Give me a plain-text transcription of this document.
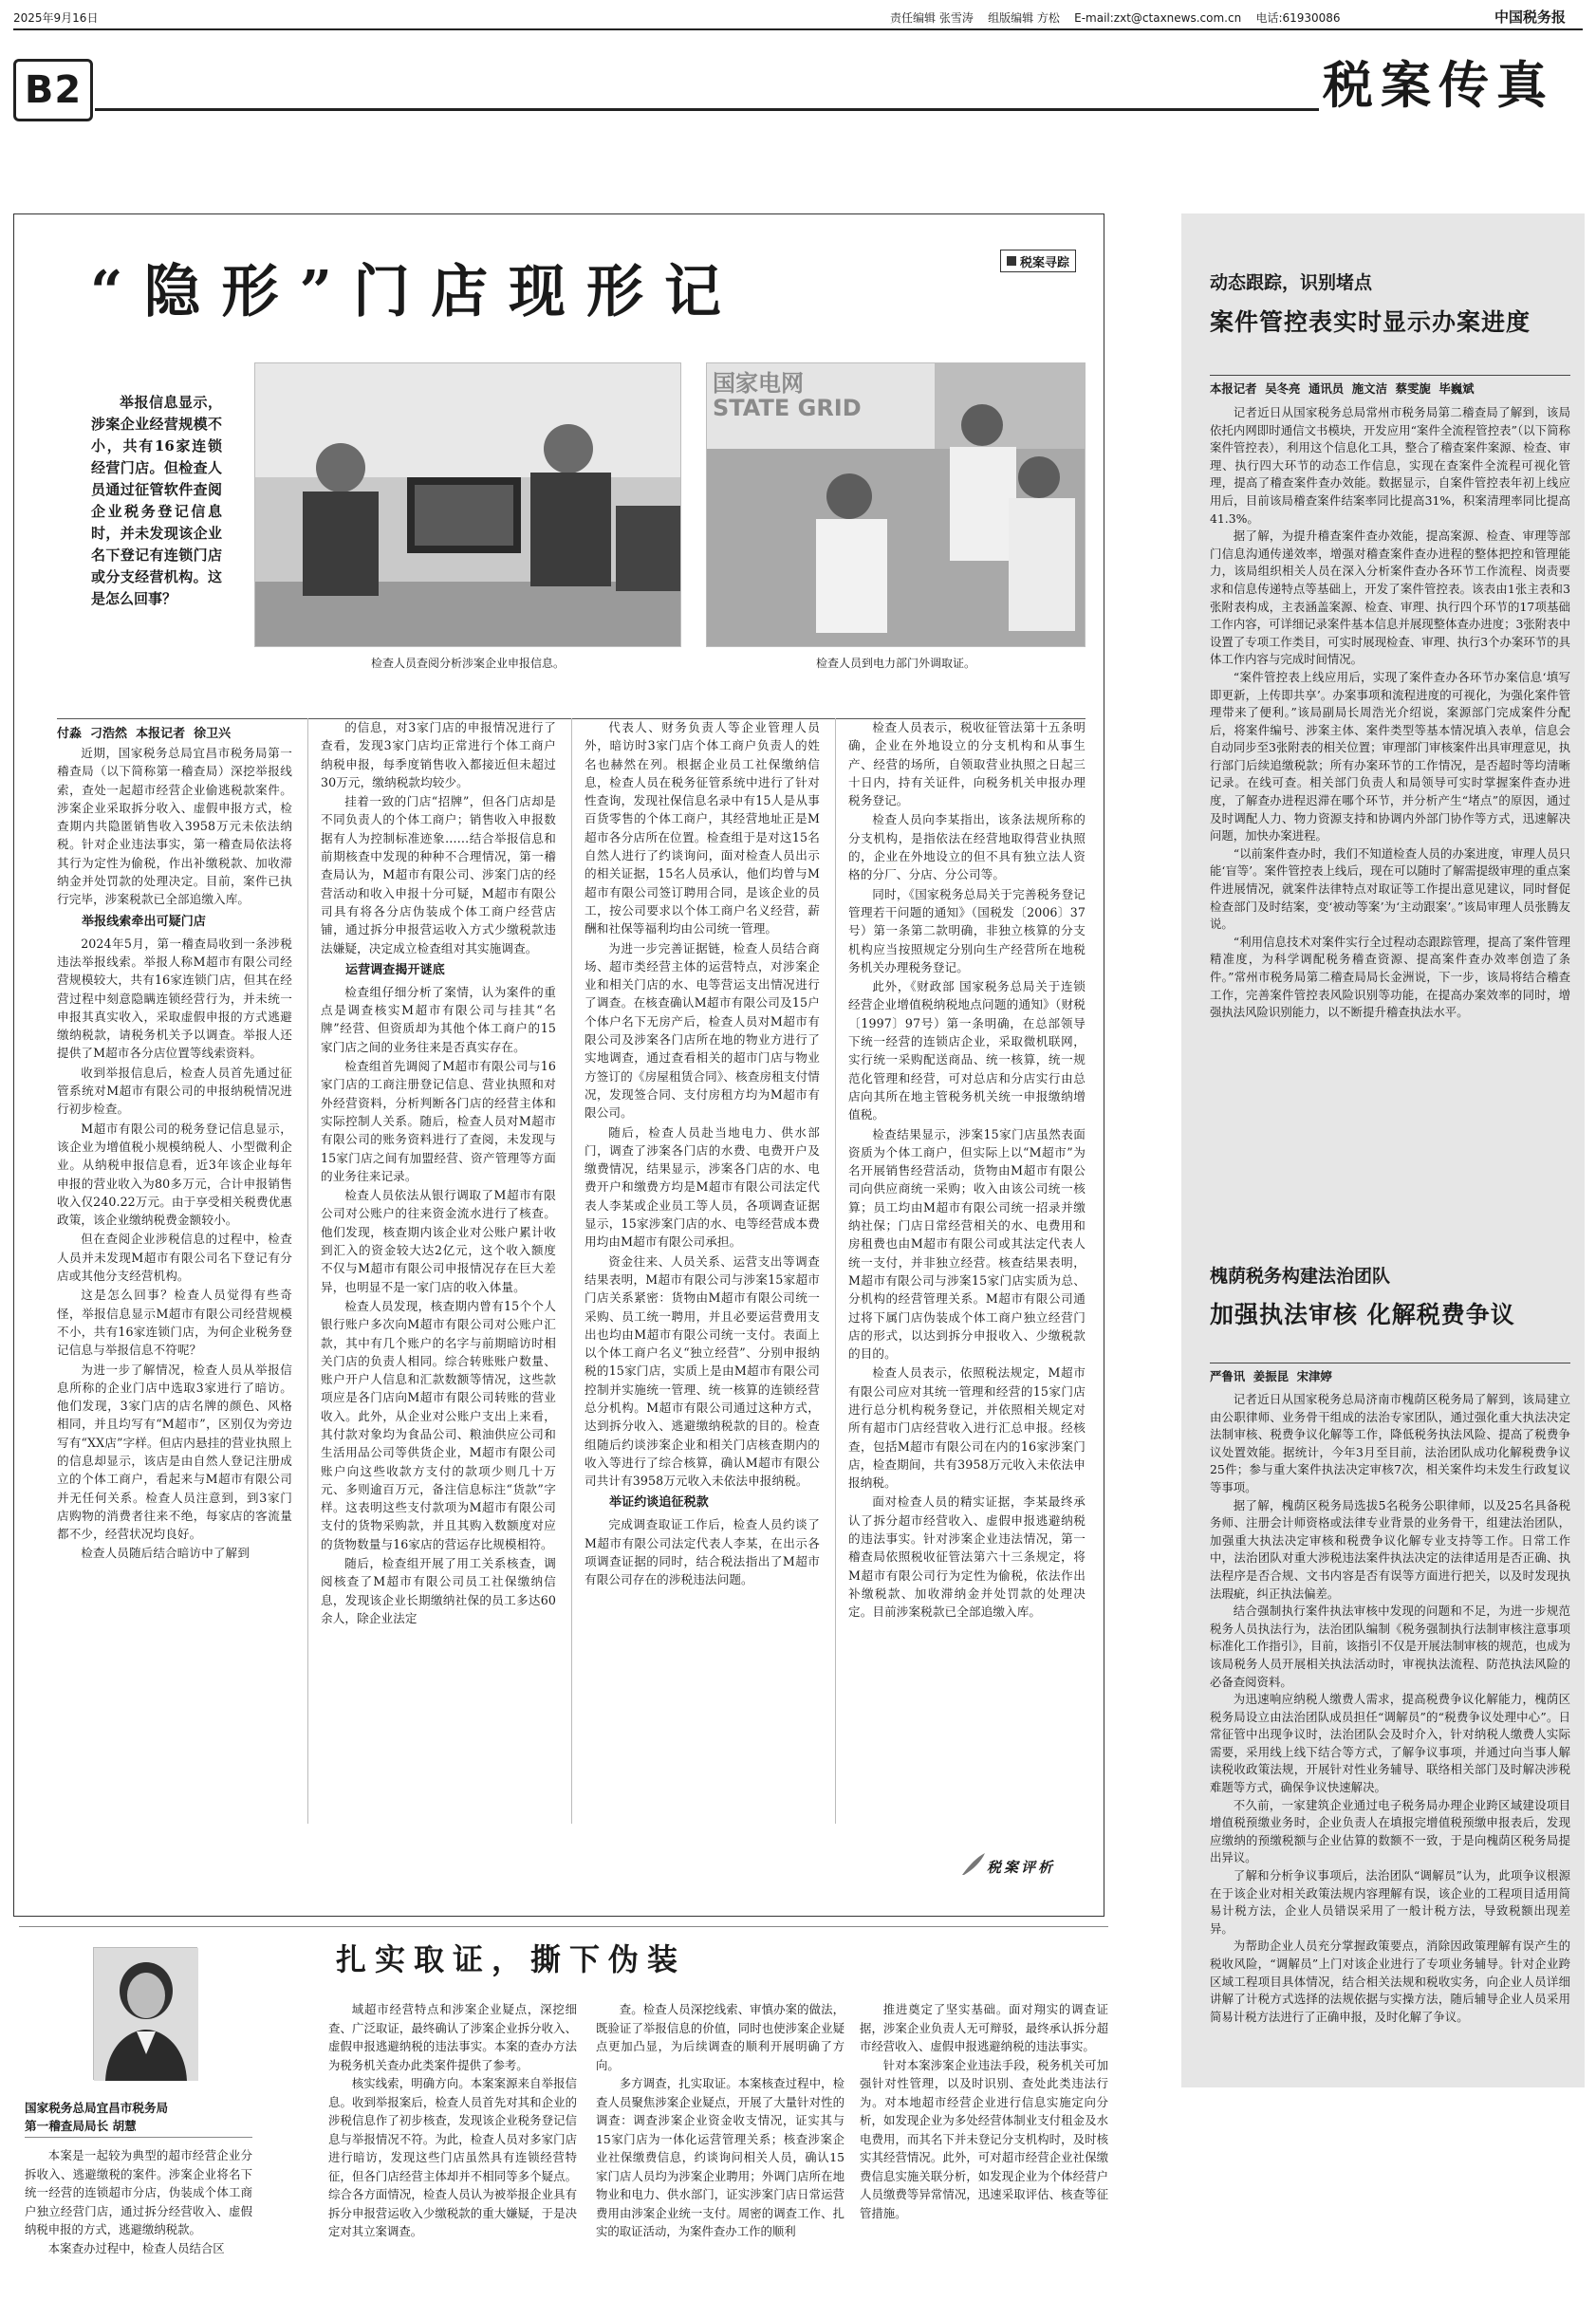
2025年9月16日	责任编辑 张雪涛    组版编辑 方松    E-mail:zxt@ctaxnews.com.cn    电话:61930086	中国税务报
B2	税案传真
“隐形”门店现形记	税案寻踪

举报信息显示，涉案企业经营规模不小，共有16家连锁经营门店。但检查人员通过征管软件查阅企业税务登记信息时，并未发现该企业名下登记有连锁门店或分支经营机构。这是怎么回事？

检查人员查阅分析涉案企业申报信息。
国家电网 STATE GRID
检查人员到电力部门外调取证。
付淼  刁浩然  本报记者  徐卫兴

近期，国家税务总局宜昌市税务局第一稽查局（以下简称第一稽查局）深挖举报线索，查处一起超市经营企业偷逃税款案件。涉案企业采取拆分收入、虚假申报方式，检查期内共隐匿销售收入3958万元未依法纳税。针对企业违法事实，第一稽查局依法将其行为定性为偷税，作出补缴税款、加收滞纳金并处罚款的处理决定。目前，案件已执行完毕，涉案税款已全部追缴入库。

举报线索牵出可疑门店

2024年5月，第一稽查局收到一条涉税违法举报线索。举报人称M超市有限公司经营规模较大，共有16家连锁门店，但其在经营过程中刻意隐瞒连锁经营行为，并未统一申报其真实收入，采取虚假申报的方式逃避缴纳税款，请税务机关予以调查。举报人还提供了M超市各分店位置等线索资料。

收到举报信息后，检查人员首先通过征管系统对M超市有限公司的申报纳税情况进行初步检查。

M超市有限公司的税务登记信息显示，该企业为增值税小规模纳税人、小型微利企业。从纳税申报信息看，近3年该企业每年申报的营业收入为80多万元，合计申报销售收入仅240.22万元。由于享受相关税费优惠政策，该企业缴纳税费金额较小。

但在查阅企业涉税信息的过程中，检查人员并未发现M超市有限公司名下登记有分店或其他分支经营机构。

这是怎么回事？检查人员觉得有些奇怪，举报信息显示M超市有限公司经营规模不小，共有16家连锁门店，为何企业税务登记信息与举报信息不符呢？

为进一步了解情况，检查人员从举报信息所称的企业门店中选取3家进行了暗访。他们发现，3家门店的店名牌的颜色、风格相同，并且均写有“M超市”，区别仅为旁边写有“XX店”字样。但店内悬挂的营业执照上的信息却显示，该店是由自然人登记注册成立的个体工商户，看起来与M超市有限公司并无任何关系。检查人员注意到，到3家门店购物的消费者往来不绝，每家店的客流量都不少，经营状况均良好。

检查人员随后结合暗访中了解到

的信息，对3家门店的申报情况进行了查看，发现3家门店均正常进行个体工商户纳税申报，每季度销售收入都接近但未超过30万元，缴纳税款均较少。

挂着一致的门店“招牌”，但各门店却是不同负责人的个体工商户；销售收入申报数据有人为控制标准迹象……结合举报信息和前期核查中发现的种种不合理情况，第一稽查局认为，M超市有限公司、涉案门店的经营活动和收入申报十分可疑，M超市有限公司具有将各分店伪装成个体工商户经营店铺，通过拆分申报营运收入方式少缴税款违法嫌疑，决定成立检查组对其实施调查。

运营调查揭开谜底

检查组仔细分析了案情，认为案件的重点是调查核实M超市有限公司与挂其“名牌”经营、但资质却为其他个体工商户的15家门店之间的业务往来是否真实存在。

检查组首先调阅了M超市有限公司与16家门店的工商注册登记信息、营业执照和对外经营资料，分析判断各门店的经营主体和实际控制人关系。随后，检查人员对M超市有限公司的账务资料进行了查阅，未发现与15家门店之间有加盟经营、资产管理等方面的业务往来记录。

检查人员依法从银行调取了M超市有限公司对公账户的往来资金流水进行了核查。他们发现，核查期内该企业对公账户累计收到汇入的资金较大达2亿元，这个收入额度不仅与M超市有限公司申报情况存在巨大差异，也明显不是一家门店的收入体量。

检查人员发现，核查期内曾有15个个人银行账户多次向M超市有限公司对公账户汇款，其中有几个账户的名字与前期暗访时相关门店的负责人相同。综合转账账户数量、账户开户人信息和汇款数额等情况，这些款项应是各门店向M超市有限公司转账的营业收入。此外，从企业对公账户支出上来看，其付款对象均为食品公司、粮油供应公司和生活用品公司等供货企业，M超市有限公司账户向这些收款方支付的款项少则几十万元、多则逾百万元，备注信息标注“货款”字样。这表明这些支付款项为M超市有限公司支付的货物采购款，并且其购入数额度对应的货物数量与16家店的营运存比规模相符。

随后，检查组开展了用工关系核查，调阅核查了M超市有限公司员工社保缴纳信息，发现该企业长期缴纳社保的员工多达60余人，除企业法定

代表人、财务负责人等企业管理人员外，暗访时3家门店个体工商户负责人的姓名也赫然在列。根据企业员工社保缴纳信息，检查人员在税务征管系统中进行了针对性查询，发现社保信息名录中有15人是从事百货零售的个体工商户，其经营地址正是M超市各分店所在位置。检查组于是对这15名自然人进行了约谈询问，面对检查人员出示的相关证据，15名人员承认，他们均曾与M超市有限公司签订聘用合同，是该企业的员工，按公司要求以个体工商户名义经营，薪酬和社保等福利均由公司统一管理。

为进一步完善证据链，检查人员结合商场、超市类经营主体的运营特点，对涉案企业和相关门店的水、电等营运支出情况进行了调查。在核查确认M超市有限公司及15户个体户名下无房产后，检查人员对M超市有限公司及涉案各门店所在地的物业方进行了实地调查，通过查看相关的超市门店与物业方签订的《房屋租赁合同》、核查房租支付情况，发现签合同、支付房租方均为M超市有限公司。

随后，检查人员赴当地电力、供水部门，调查了涉案各门店的水费、电费开户及缴费情况，结果显示，涉案各门店的水、电费开户和缴费方均是M超市有限公司法定代表人李某或企业员工等人员，各项调查证据显示，15家涉案门店的水、电等经营成本费用均由M超市有限公司承担。

资金往来、人员关系、运营支出等调查结果表明，M超市有限公司与涉案15家超市门店关系紧密：货物由M超市有限公司统一采购、员工统一聘用，并且必要运营费用支出也均由M超市有限公司统一支付。表面上以个体工商户名义“独立经营”、分别申报纳税的15家门店，实质上是由M超市有限公司控制并实施统一管理、统一核算的连锁经营总分机构。M超市有限公司通过这种方式，达到拆分收入、逃避缴纳税款的目的。检查组随后约谈涉案企业和相关门店核查期内的收入等进行了综合核算，确认M超市有限公司共计有3958万元收入未依法申报纳税。

举证约谈追征税款

完成调查取证工作后，检查人员约谈了M超市有限公司法定代表人李某，在出示各项调查证据的同时，结合税法指出了M超市有限公司存在的涉税违法问题。

检查人员表示，税收征管法第十五条明确，企业在外地设立的分支机构和从事生产、经营的场所，自领取营业执照之日起三十日内，持有关证件，向税务机关申报办理税务登记。

检查人员向李某指出，该条法规所称的分支机构，是指依法在经营地取得营业执照的，企业在外地设立的但不具有独立法人资格的分厂、分店、分公司等。

同时，《国家税务总局关于完善税务登记管理若干问题的通知》（国税发〔2006〕37号）第一条第二款明确，非独立核算的分支机构应当按照规定分别向生产经营所在地税务机关办理税务登记。

此外，《财政部 国家税务总局关于连锁经营企业增值税纳税地点问题的通知》（财税〔1997〕97号）第一条明确，在总部领导下统一经营的连锁店企业，采取微机联网，实行统一采购配送商品、统一核算，统一规范化管理和经营，可对总店和分店实行由总店向其所在地主管税务机关统一申报缴纳增值税。

检查结果显示，涉案15家门店虽然表面资质为个体工商户，但实际上以“M超市”为名开展销售经营活动，货物由M超市有限公司向供应商统一采购；收入由该公司统一核算；员工均由M超市有限公司统一招录并缴纳社保；门店日常经营相关的水、电费用和房租费也由M超市有限公司或其法定代表人统一支付，并非独立经营。核查结果表明，M超市有限公司与涉案15家门店实质为总、分机构的经营管理关系。M超市有限公司通过将下属门店伪装成个体工商户独立经营门店的形式，以达到拆分申报收入、少缴税款的目的。

检查人员表示，依照税法规定，M超市有限公司应对其统一管理和经营的15家门店进行总分机构税务登记，并依照相关规定对所有超市门店经营收入进行汇总申报。经核查，包括M超市有限公司在内的16家涉案门店，检查期间，共有3958万元收入未依法申报纳税。

面对检查人员的精实证据，李某最终承认了拆分超市经营收入、虚假申报逃避纳税的违法事实。针对涉案企业违法情况，第一稽查局依照税收征管法第六十三条规定，将M超市有限公司行为定性为偷税，依法作出补缴税款、加收滞纳金并处罚款的处理决定。目前涉案税款已全部追缴入库。

税案评析
扎实取证，撕下伪装
国家税务总局宜昌市税务局
第一稽查局局长 胡慧

本案是一起较为典型的超市经营企业分拆收入、逃避缴税的案件。涉案企业将名下统一经营的连锁超市分店，伪装成个体工商户独立经营门店，通过拆分经营收入、虚假纳税申报的方式，逃避缴纳税款。

本案查办过程中，检查人员结合区

域超市经营特点和涉案企业疑点，深挖细查、广泛取证，最终确认了涉案企业拆分收入、虚假申报逃避纳税的违法事实。本案的查办方法为税务机关查办此类案件提供了参考。

核实线索，明确方向。本案案源来自举报信息。收到举报案后，检查人员首先对其和企业的涉税信息作了初步核查，发现该企业税务登记信息与举报情况不符。为此，检查人员对多家门店进行暗访，发现这些门店虽然具有连锁经营特征，但各门店经营主体却并不相同等多个疑点。综合各方面情况，检查人员认为被举报企业具有拆分申报营运收入少缴税款的重大嫌疑，于是决定对其立案调查。

查。检查人员深挖线索、审慎办案的做法，既验证了举报信息的价值，同时也使涉案企业疑点更加凸显，为后续调查的顺利开展明确了方向。

多方调查，扎实取证。本案核查过程中，检查人员聚焦涉案企业疑点，开展了大量针对性的调查：调查涉案企业资金收支情况，证实其与15家门店为一体化运营管理关系；核查涉案企业社保缴费信息，约谈询问相关人员，确认15家门店人员均为涉案企业聘用；外调门店所在地物业和电力、供水部门，证实涉案门店日常运营费用由涉案企业统一支付。周密的调查工作、扎实的取证活动，为案件查办工作的顺利

推进奠定了坚实基础。面对翔实的调查证据，涉案企业负责人无可辩驳，最终承认拆分超市经营收入、虚假申报逃避纳税的违法事实。

针对本案涉案企业违法手段，税务机关可加强针对性管理，以及时识别、查处此类违法行为。对本地超市经营企业进行信息实施定向分析，如发现企业为多处经营体制业支付租金及水电费用，而其名下并未登记分支机构时，及时核实其经营情况。此外，可对超市经营企业社保缴费信息实施关联分析，如发现企业为个体经营户人员缴费等异常情况，迅速采取评估、核查等征管措施。

动态跟踪，识别堵点
案件管控表实时显示办案进度
本报记者  吴冬亮  通讯员  施文洁  蔡雯旎  毕巍斌

记者近日从国家税务总局常州市税务局第二稽查局了解到，该局依托内网即时通信文书模块，开发应用“案件全流程管控表”（以下简称案件管控表），利用这个信息化工具，整合了稽查案件案源、检查、审理、执行四大环节的动态工作信息，实现在查案件全流程可视化管理，提高了稽查案件查办效能。数据显示，自案件管控表年初上线应用后，目前该局稽查案件结案率同比提高31%，积案清理率同比提高41.3%。

据了解，为提升稽查案件查办效能，提高案源、检查、审理等部门信息沟通传递效率，增强对稽查案件查办进程的整体把控和管理能力，该局组织相关人员在深入分析案件查办各环节工作流程、岗责要求和信息传递特点等基础上，开发了案件管控表。该表由1张主表和3张附表构成，主表涵盖案源、检查、审理、执行四个环节的17项基础工作内容，可详细记录案件基本信息并展现整体查办进度；3张附表中设置了专项工作类目，可实时展现检查、审理、执行3个办案环节的具体工作内容与完成时间情况。

“案件管控表上线应用后，实现了案件查办各环节办案信息‘填写即更新，上传即共享’。办案事项和流程进度的可视化，为强化案件管理带来了便利。”该局副局长周浩光介绍说，案源部门完成案件分配后，将案件编号、涉案主体、案件类型等基本情况填入表单，信息会自动同步至3张附表的相关位置；审理部门审核案件出具审理意见，执行部门后续追缴税款；所有办案环节的工作情况，是否超时等均清晰记录。在线可查。相关部门负责人和局领导可实时掌握案件查办进度，了解查办进程迟滞在哪个环节，并分析产生“堵点”的原因，通过及时调配人力、物力资源支持和协调内外部门协作等方式，迅速解决问题，加快办案进程。

“以前案件查办时，我们不知道检查人员的办案进度，审理人员只能‘盲等’。案件管控表上线后，现在可以随时了解需提级审理的重点案件进展情况，就案件法律特点对取证等工作提出意见建议，同时督促检查部门及时结案，变‘被动等案’为‘主动跟案’。”该局审理人员张腾友说。

“利用信息技术对案件实行全过程动态跟踪管理，提高了案件管理精准度，为科学调配税务稽查资源、提高案件查办效率创造了条件。”常州市税务局第二稽查局局长金洲说，下一步，该局将结合稽查工作，完善案件管控表风险识别等功能，在提高办案效率的同时，增强执法风险识别能力，以不断提升稽查执法水平。

槐荫税务构建法治团队
加强执法审核 化解税费争议
严鲁讯  姜振昆  宋津婷

记者近日从国家税务总局济南市槐荫区税务局了解到，该局建立由公职律师、业务骨干组成的法治专家团队，通过强化重大执法决定法制审核、税费争议化解等工作，降低税务执法风险、提高了税费争议处置效能。据统计，今年3月至目前，法治团队成功化解税费争议25件；参与重大案件执法决定审核7次，相关案件均未发生行政复议等事项。

据了解，槐荫区税务局选拔5名税务公职律师，以及25名具备税务师、注册会计师资格或法律专业背景的业务骨干，组建法治团队，加强重大执法决定审核和税费争议化解专业支持等工作。日常工作中，法治团队对重大涉税违法案件执法决定的法律适用是否正确、执法程序是否合规、文书内容是否有误等方面进行把关，以及时发现执法瑕疵，纠正执法偏差。

结合强制执行案件执法审核中发现的问题和不足，为进一步规范税务人员执法行为，法治团队编制《税务强制执行法制审核注意事项标准化工作指引》，目前，该指引不仅是开展法制审核的规范，也成为该局税务人员开展相关执法活动时，审视执法流程、防范执法风险的必备查阅资料。

为迅速响应纳税人缴费人需求，提高税费争议化解能力，槐荫区税务局设立由法治团队成员担任“调解员”的“税费争议处理中心”。日常征管中出现争议时，法治团队会及时介入，针对纳税人缴费人实际需要，采用线上线下结合等方式，了解争议事项，并通过向当事人解读税收政策法规，开展针对性业务辅导、联络相关部门及时解决涉税难题等方式，确保争议快速解决。

不久前，一家建筑企业通过电子税务局办理企业跨区域建设项目增值税预缴业务时，企业负责人在填报完增值税预缴申报表后，发现应缴纳的预缴税额与企业估算的数额不一致，于是向槐荫区税务局提出异议。

了解和分析争议事项后，法治团队“调解员”认为，此项争议根源在于该企业对相关政策法规内容理解有误，该企业的工程项目适用简易计税方法，企业人员错误采用了一般计税方法，导致税额出现差异。

为帮助企业人员充分掌握政策要点，消除因政策理解有误产生的税收风险，“调解员”上门对该企业进行了专项业务辅导。针对企业跨区域工程项目具体情况，结合相关法规和税收实务，向企业人员详细讲解了计税方式选择的法规依据与实操方法，随后辅导企业人员采用简易计税方法进行了正确申报，及时化解了争议。
